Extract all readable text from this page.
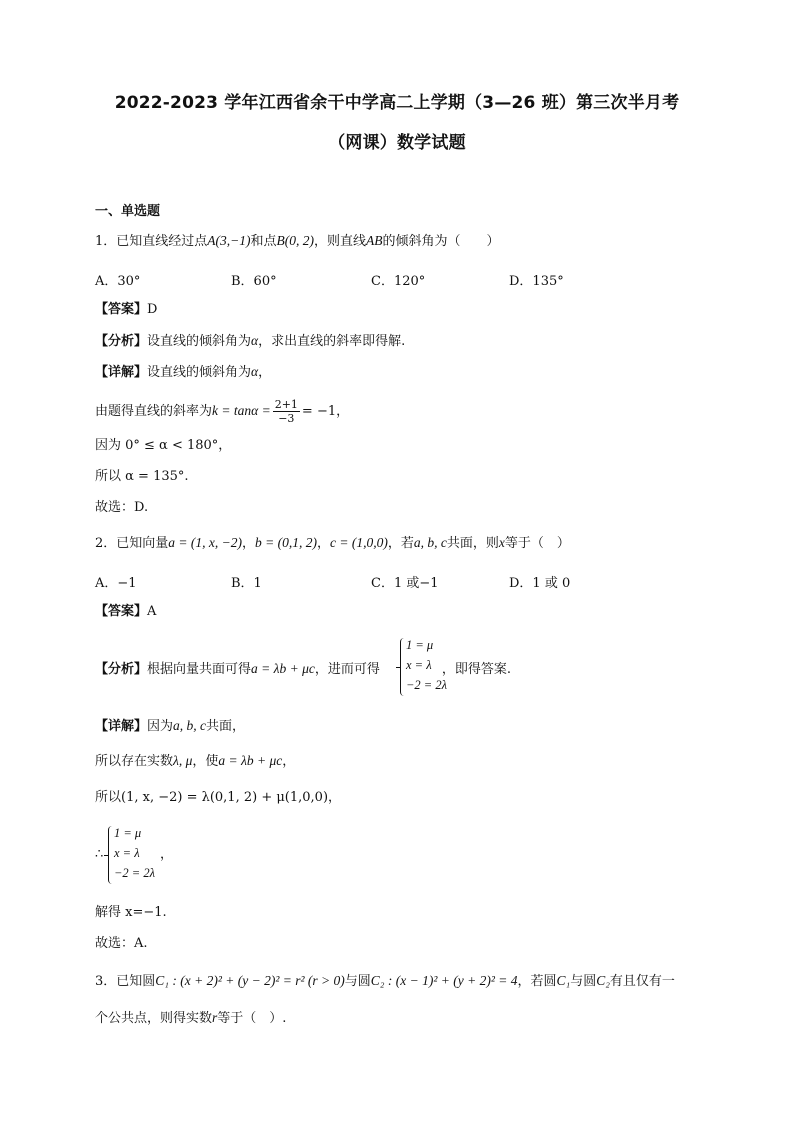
2022-2023 学年江西省余干中学高二上学期（3—26 班）第三次半月考
（网课）数学试题
一、单选题
1．已知直线经过点A(3,−1)和点B(0, 2)，则直线AB的倾斜角为（　　）
A．30°	B．60°	C．120°	D．135°
【答案】D
【分析】设直线的倾斜角为α，求出直线的斜率即得解.
【详解】设直线的倾斜角为α，
由题得直线的斜率为$k = \tan\alpha = \frac{2+1}{-3} = -1$，
因为 0° ≤ α < 180°，
所以 α = 135°.
故选：D.
2．已知向量a = (1, x, −2)，b = (0,1, 2)，c = (1,0,0)，若a, b, c共面，则x等于（　）
A．−1	B．1	C．1 或−1	D．1 或 0
【答案】A
【分析】根据向量共面可得a = λb + μc，进而可得	，即得答案.
1 = μ
x = λ
−2 = 2λ
【详解】因为a, b, c共面，
所以存在实数λ, μ，使a = λb + μc，
所以(1, x, −2) = λ(0,1, 2) + μ(1,0,0)，
∴
1 = μ
x = λ
−2 = 2λ
，
解得 x=−1.
故选：A.
3．已知圆C₁ : (x + 2)² + (y − 2)² = r² (r > 0)与圆C₂ : (x − 1)² + (y + 2)² = 4，若圆C₁与圆C₂有且仅有一
个公共点，则得实数r等于（　）.
